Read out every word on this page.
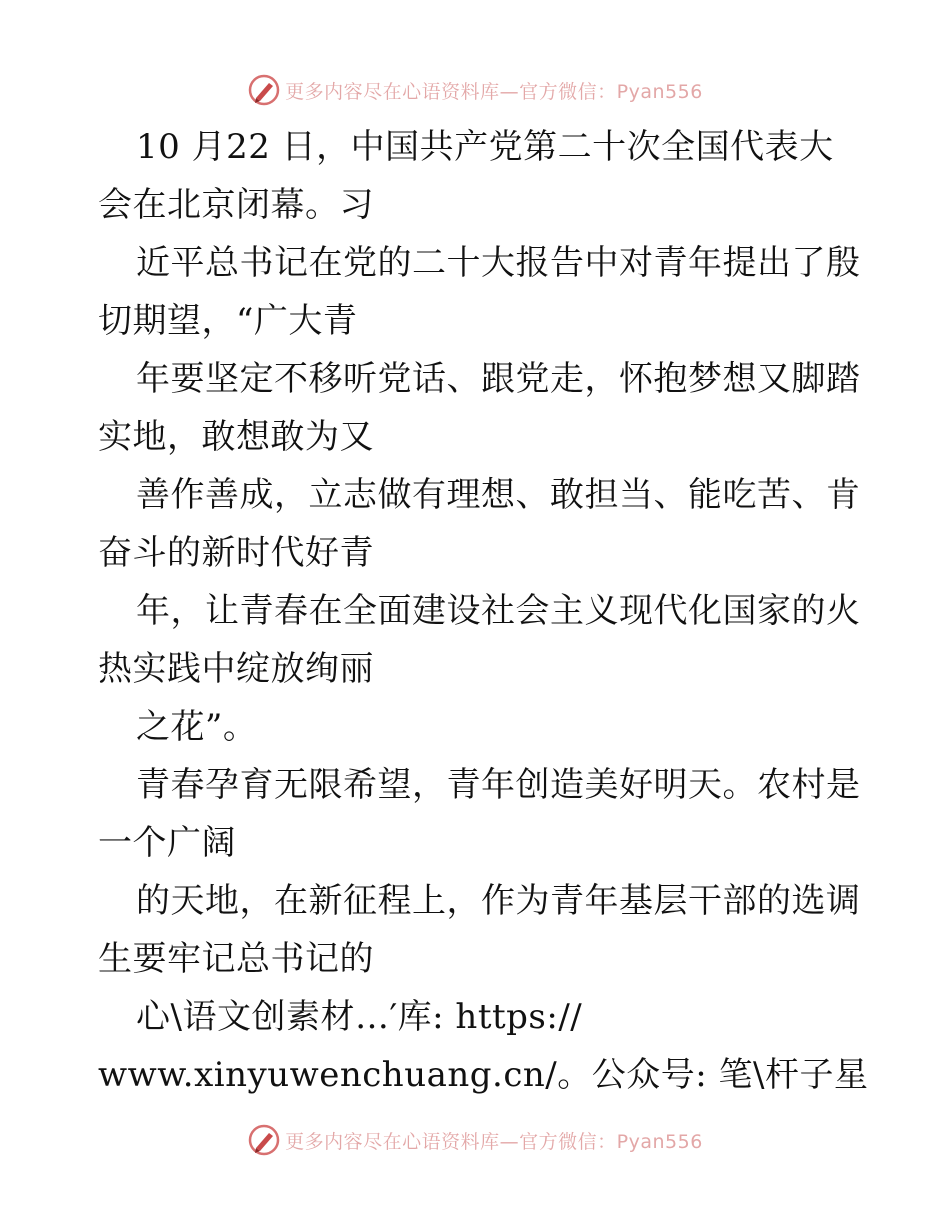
更多内容尽在心语资料库—官方微信：Pyan556

10 月22 日，中国共产党第二十次全国代表大

会在北京闭幕。习

近平总书记在党的二十大报告中对青年提出了殷

切期望，“广大青

年要坚定不移听党话、跟党走，怀抱梦想又脚踏

实地，敢想敢为又

善作善成，立志做有理想、敢担当、能吃苦、肯

奋斗的新时代好青

年，让青春在全面建设社会主义现代化国家的火

热实践中绽放绚丽

之花”。

青春孕育无限希望，青年创造美好明天。农村是

一个广阔

的天地，在新征程上，作为青年基层干部的选调

生要牢记总书记的

心\语文创素材…′库: https://

www.xinyuwenchuang.cn/。公众号: 笔\杆子星

更多内容尽在心语资料库—官方微信：Pyan556
